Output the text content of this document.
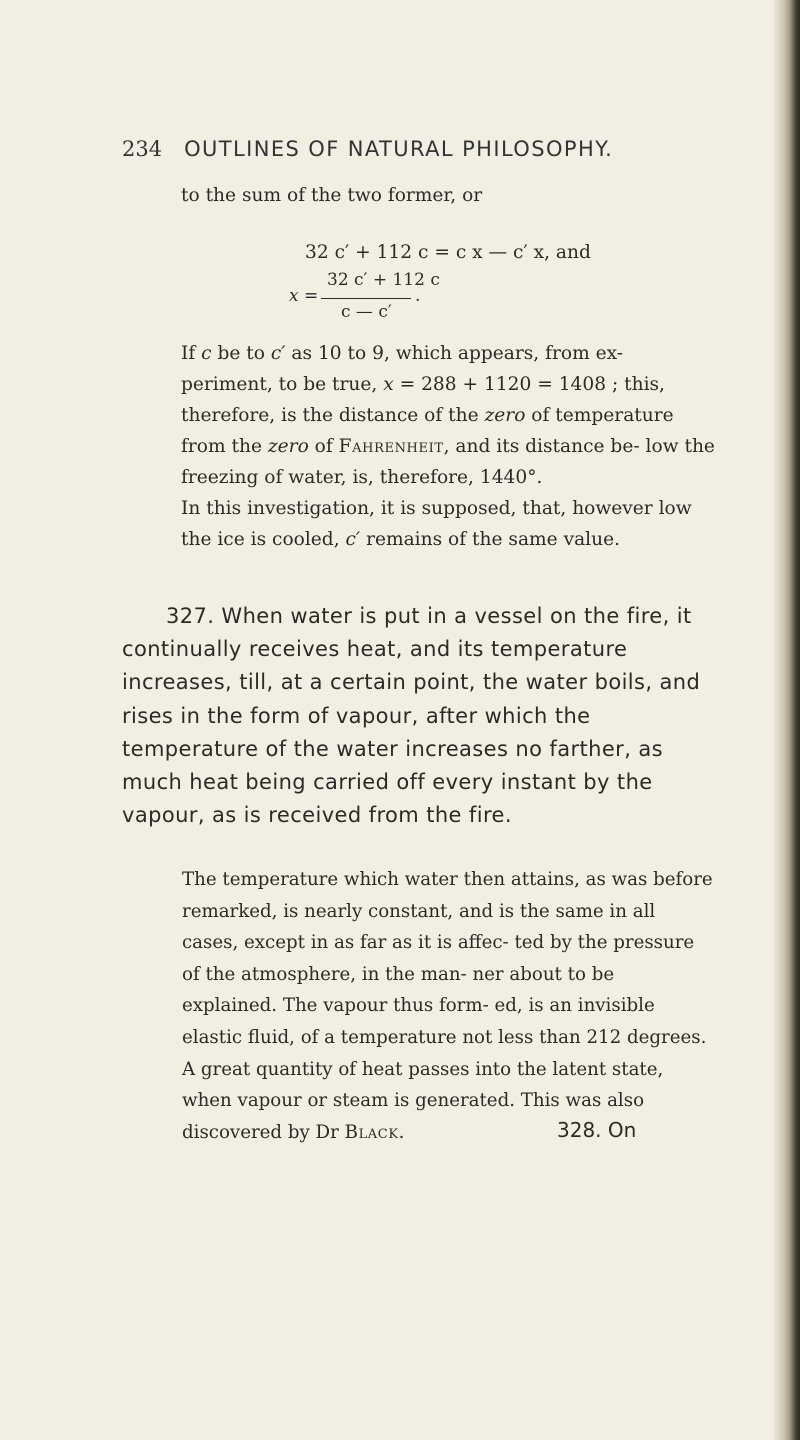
234 OUTLINES OF NATURAL PHILOSOPHY.
to the sum of the two former, or
32 c′ + 112 c = c x — c′ x, and
x =
32 c′ + 112 c
c — c′
.
If c be to c′ as 10 to 9, which appears, from ex- periment, to be true, x = 288 + 1120 = 1408 ; this, therefore, is the distance of the zero of temperature from the zero of Fahrenheit, and its distance be- low the freezing of water, is, therefore, 1440°.
In this investigation, it is supposed, that, however low the ice is cooled, c′ remains of the same value.
327. When water is put in a vessel on the fire, it continually receives heat, and its temperature increases, till, at a certain point, the water boils, and rises in the form of vapour, after which the temperature of the water increases no farther, as much heat being carried off every instant by the vapour, as is received from the fire.
The temperature which water then attains, as was before remarked, is nearly constant, and is the same in all cases, except in as far as it is affec- ted by the pressure of the atmosphere, in the man- ner about to be explained. The vapour thus form- ed, is an invisible elastic fluid, of a temperature not less than 212 degrees. A great quantity of heat passes into the latent state, when vapour or steam is generated. This was also discovered by Dr Black.	328. On
